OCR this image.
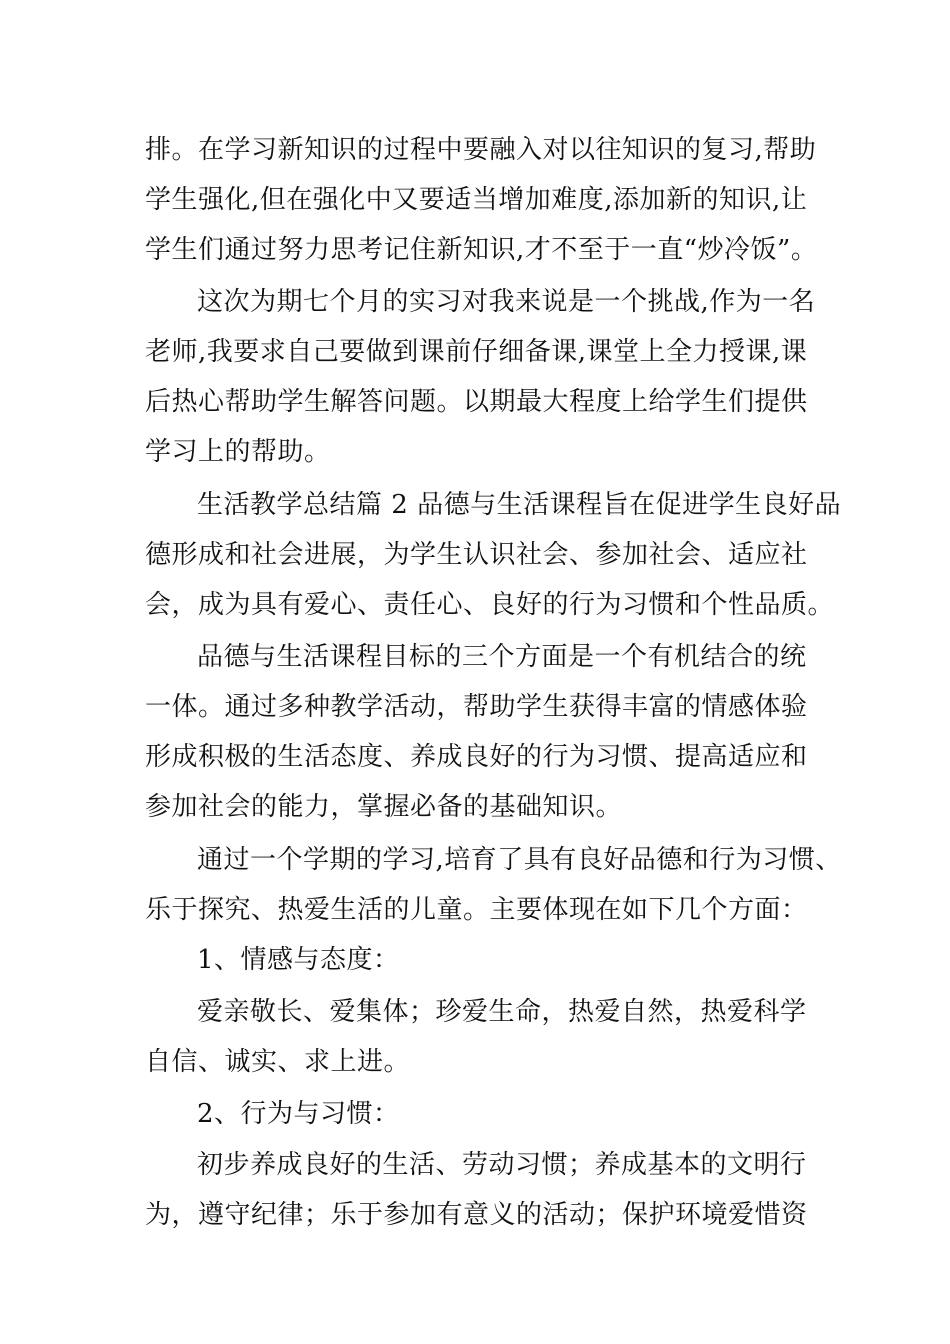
排。在学习新知识的过程中要融入对以往知识的复习,帮助
学生强化,但在强化中又要适当增加难度,添加新的知识,让
学生们通过努力思考记住新知识,才不至于一直“炒冷饭”。
这次为期七个月的实习对我来说是一个挑战,作为一名
老师,我要求自己要做到课前仔细备课,课堂上全力授课,课
后热心帮助学生解答问题。以期最大程度上给学生们提供
学习上的帮助。
生活教学总结篇 2 品德与生活课程旨在促进学生良好品
德形成和社会进展，为学生认识社会、参加社会、适应社
会，成为具有爱心、责任心、良好的行为习惯和个性品质。
品德与生活课程目标的三个方面是一个有机结合的统
一体。通过多种教学活动，帮助学生获得丰富的情感体验
形成积极的生活态度、养成良好的行为习惯、提高适应和
参加社会的能力，掌握必备的基础知识。
通过一个学期的学习,培育了具有良好品德和行为习惯、
乐于探究、热爱生活的儿童。主要体现在如下几个方面：
1、情感与态度：
爱亲敬长、爱集体；珍爱生命，热爱自然，热爱科学
自信、诚实、求上进。
2、行为与习惯：
初步养成良好的生活、劳动习惯；养成基本的文明行
为，遵守纪律；乐于参加有意义的活动；保护环境爱惜资
